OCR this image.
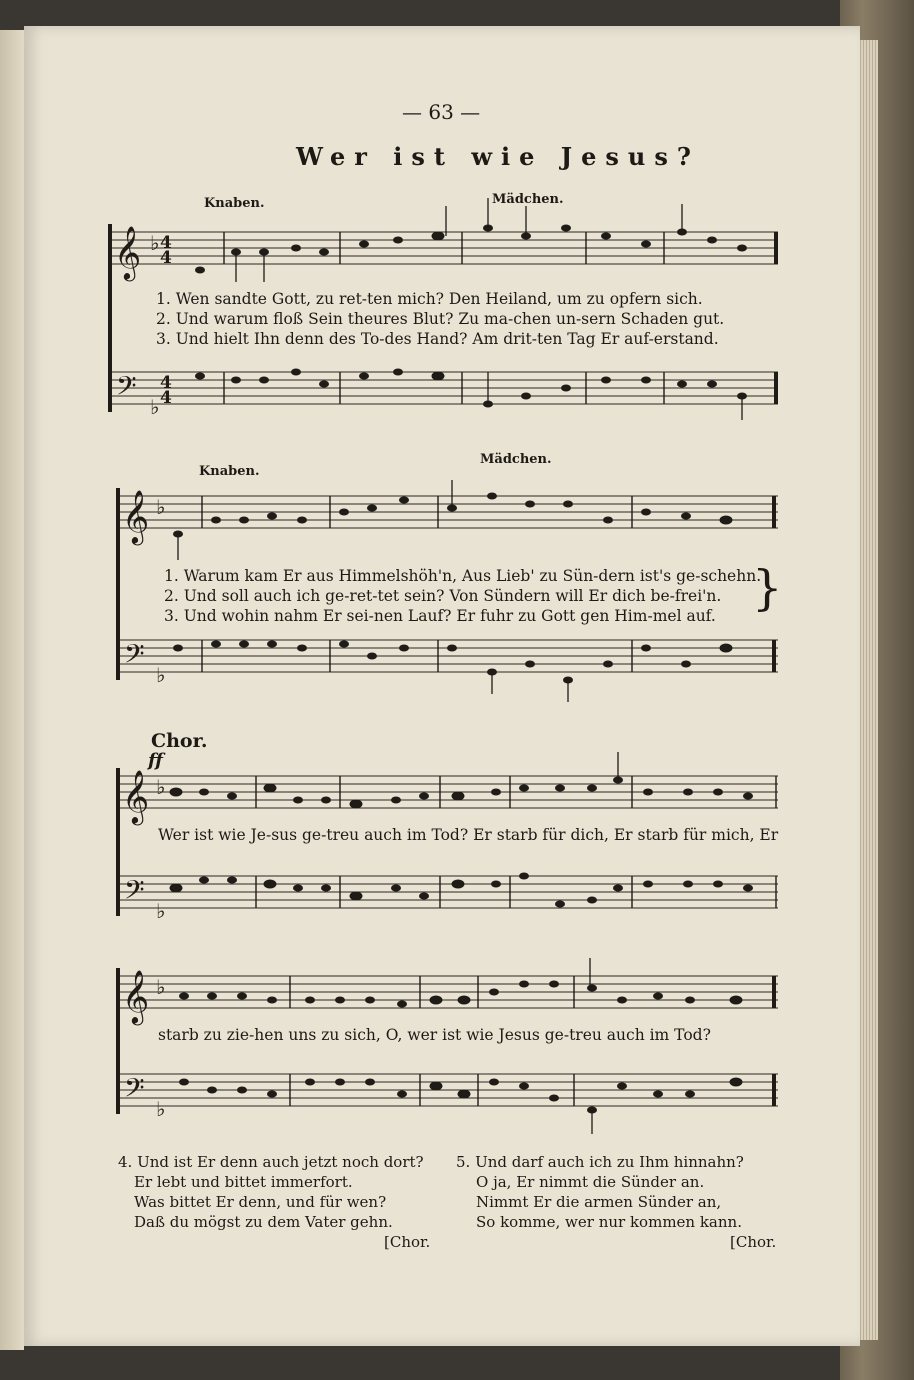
— 63 —
Wer ist wie Jesus?
Knaben.	Mädchen.
𝄞
𝄢
♭
♭
4
4
4
4
1. Wen sandte Gott, zu ret-ten mich? Den Heiland, um zu opfern sich.
2. Und warum floß Sein theures Blut? Zu ma-chen un-sern Schaden gut.
3. Und hielt Ihn denn des To-des Hand? Am drit-ten Tag Er auf-erstand.
Knaben.
Mädchen.
𝄞
𝄢
♭
♭
1. Warum kam Er aus Himmelshöh'n, Aus Lieb' zu Sün-dern ist's ge-schehn.
2. Und soll auch ich ge-ret-tet sein? Von Sündern will Er dich be-frei'n.
3. Und wohin nahm Er sei-nen Lauf? Er fuhr zu Gott gen Him-mel auf. }
Chor.
ff
𝄞
𝄢
♭
♭
Wer ist wie Je-sus ge-treu auch im Tod? Er starb für dich, Er starb für mich, Er
𝄞
𝄢
♭
♭
starb zu zie-hen uns zu sich, O, wer ist wie Jesus ge-treu auch im Tod?
4. Und ist Er denn auch jetzt noch dort?
Er lebt und bittet immerfort.
Was bittet Er denn, und für wen?
Daß du mögst zu dem Vater gehn.
[Chor.
5. Und darf auch ich zu Ihm hinnahn?
O ja, Er nimmt die Sünder an.
Nimmt Er die armen Sünder an,
So komme, wer nur kommen kann.
[Chor.
